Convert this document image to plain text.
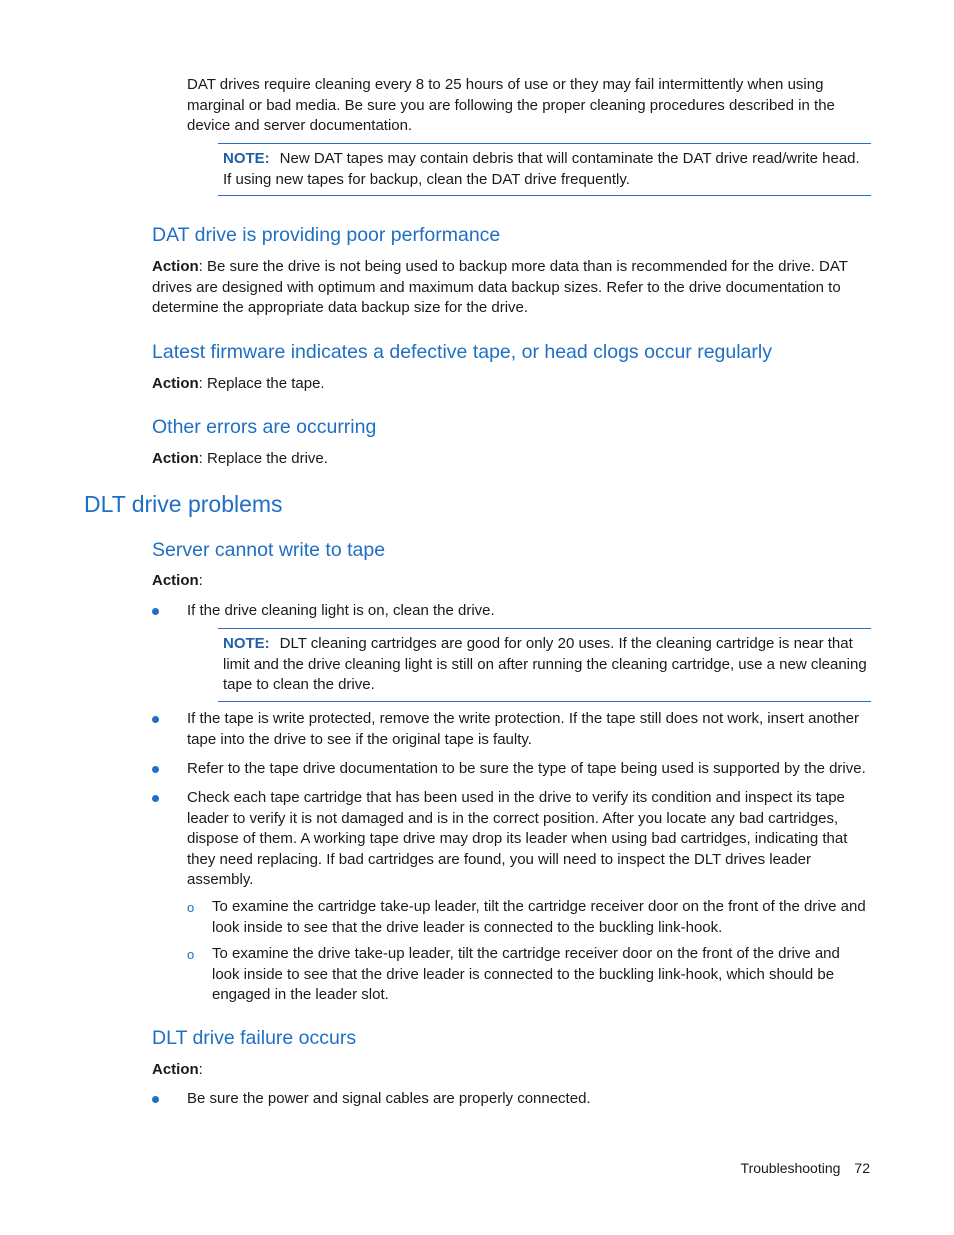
DAT drives require cleaning every 8 to 25 hours of use or they may fail intermittently when using marginal or bad media. Be sure you are following the proper cleaning procedures described in the device and server documentation.

NOTE: New DAT tapes may contain debris that will contaminate the DAT drive read/write head. If using new tapes for backup, clean the DAT drive frequently.
DAT drive is providing poor performance

Action: Be sure the drive is not being used to backup more data than is recommended for the drive. DAT drives are designed with optimum and maximum data backup sizes. Refer to the drive documentation to determine the appropriate data backup size for the drive.

Latest firmware indicates a defective tape, or head clogs occur regularly

Action: Replace the tape.

Other errors are occurring

Action: Replace the drive.

DLT drive problems
Server cannot write to tape

Action:

If the drive cleaning light is on, clean the drive.

NOTE: DLT cleaning cartridges are good for only 20 uses. If the cleaning cartridge is near that limit and the drive cleaning light is still on after running the cleaning cartridge, use a new cleaning tape to clean the drive.

If the tape is write protected, remove the write protection. If the tape still does not work, insert another tape into the drive to see if the original tape is faulty.

Refer to the tape drive documentation to be sure the type of tape being used is supported by the drive.

Check each tape cartridge that has been used in the drive to verify its condition and inspect its tape leader to verify it is not damaged and is in the correct position. After you locate any bad cartridges, dispose of them. A working tape drive may drop its leader when using bad cartridges, indicating that they need replacing. If bad cartridges are found, you will need to inspect the DLT drives leader assembly.

o To examine the cartridge take-up leader, tilt the cartridge receiver door on the front of the drive and look inside to see that the drive leader is connected to the buckling link-hook.

o To examine the drive take-up leader, tilt the cartridge receiver door on the front of the drive and look inside to see that the drive leader is connected to the buckling link-hook, which should be engaged in the leader slot.

DLT drive failure occurs

Action:

Be sure the power and signal cables are properly connected.

Troubleshooting 72
